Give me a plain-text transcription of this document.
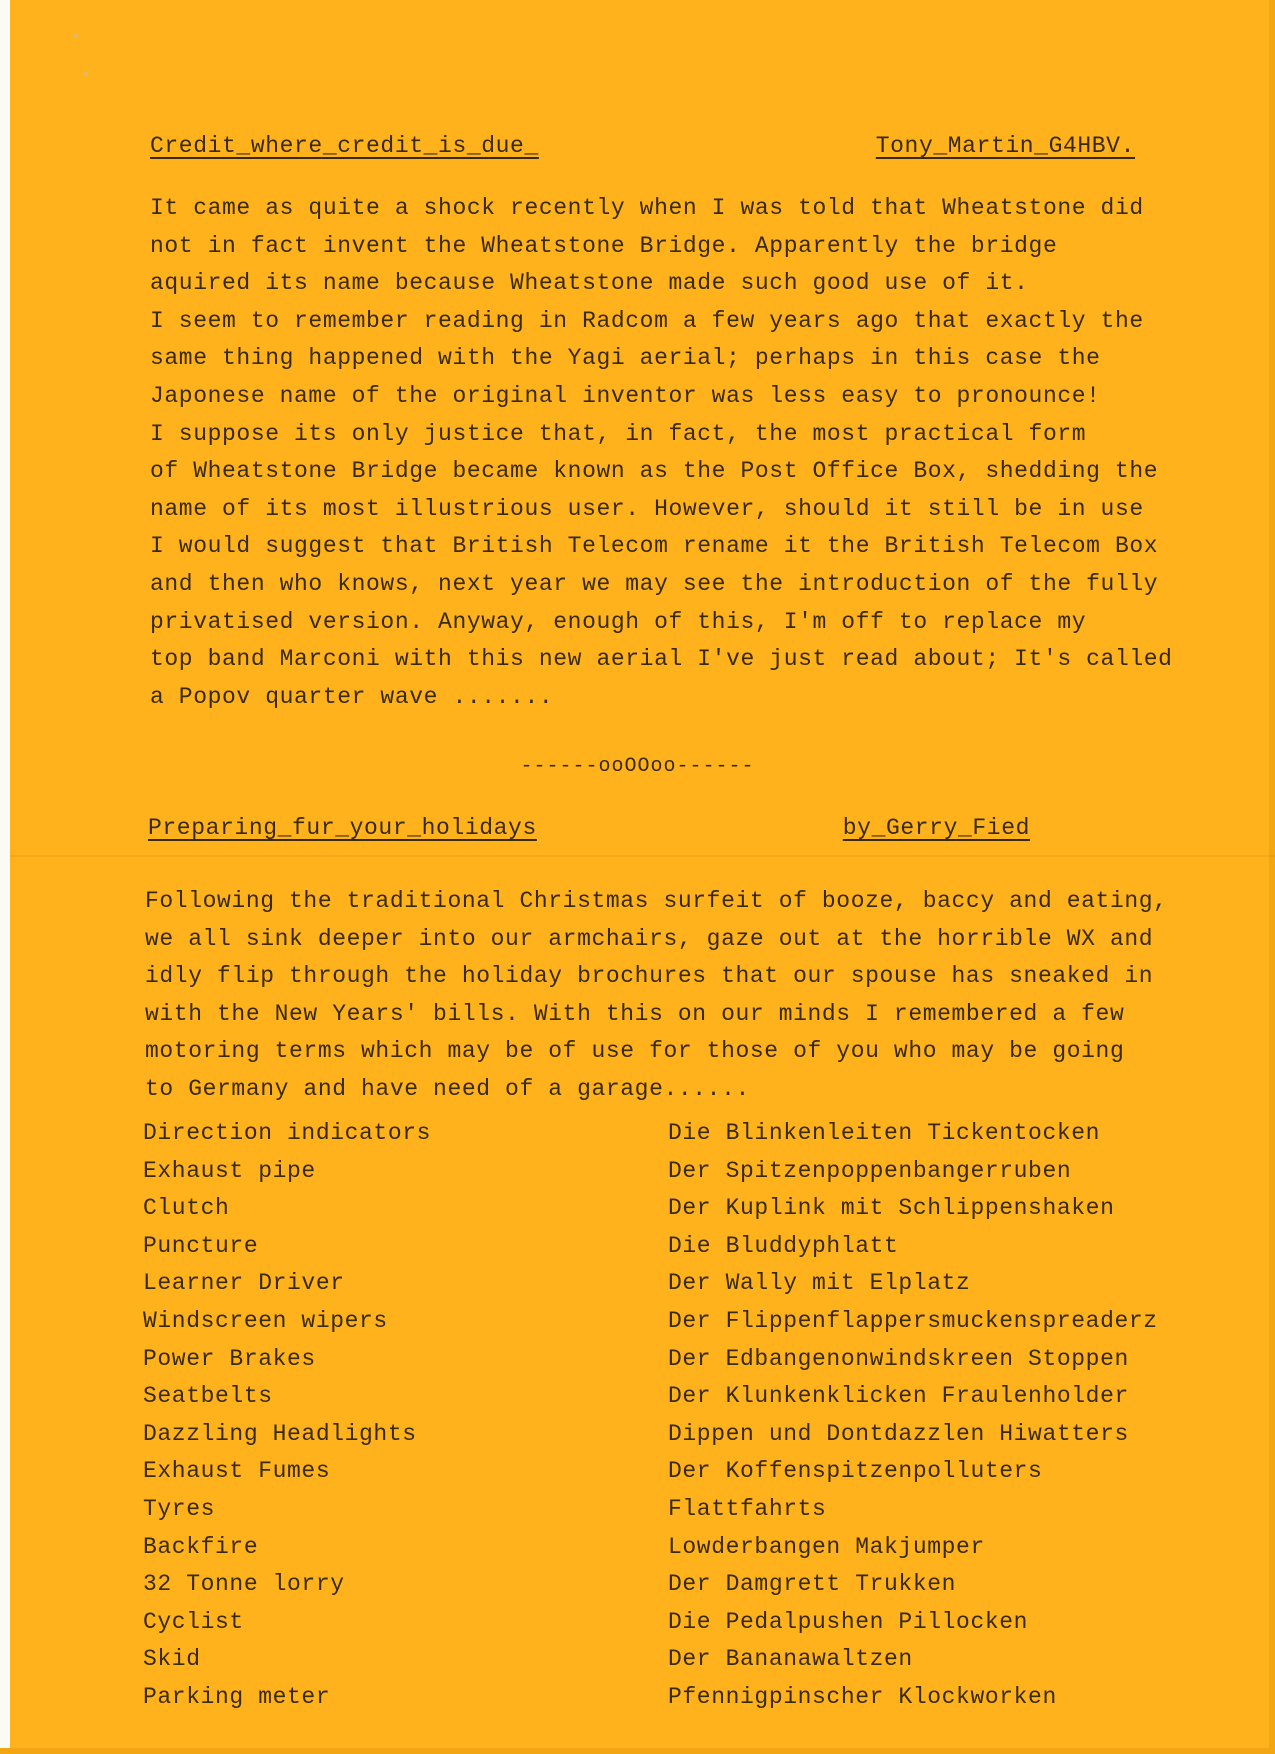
Credit_where_credit_is_due_	Tony_Martin_G4HBV.
It came as quite a shock recently when I was told that Wheatstone did
not in fact invent the Wheatstone Bridge. Apparently the bridge
aquired its name because Wheatstone made such good use of it.
I seem to remember reading in Radcom a few years ago that exactly the
same thing happened with the Yagi aerial; perhaps in this case the
Japonese name of the original inventor was less easy to pronounce!
I suppose its only justice that, in fact, the most practical form
of Wheatstone Bridge became known as the Post Office Box, shedding the
name of its most illustrious user. However, should it still be in use
I would suggest that British Telecom rename it the British Telecom Box
and then who knows, next year we may see the introduction of the fully
privatised version. Anyway, enough of this, I'm off to replace my
top band Marconi with this new aerial I've just read about; It's called
a Popov quarter wave .......
------ooOOoo------
Preparing_fur_your_holidays	by_Gerry_Fied
Following the traditional Christmas surfeit of booze, baccy and eating,
we all sink deeper into our armchairs, gaze out at the horrible WX and
idly flip through the holiday brochures that our spouse has sneaked in
with the New Years' bills. With this on our minds I remembered a few
motoring terms which may be of use for those of you who may be going
to Germany and have need of a garage......
Direction indicators	Die Blinkenleiten Tickentocken
Exhaust pipe	Der Spitzenpoppenbangerruben
Clutch	Der Kuplink mit Schlippenshaken
Puncture	Die Bluddyphlatt
Learner Driver	Der Wally mit Elplatz
Windscreen wipers	Der Flippenflappersmuckenspreaderz
Power Brakes	Der Edbangenonwindskreen Stoppen
Seatbelts	Der Klunkenklicken Fraulenholder
Dazzling Headlights	Dippen und Dontdazzlen Hiwatters
Exhaust Fumes	Der Koffenspitzenpolluters
Tyres	Flattfahrts
Backfire	Lowderbangen Makjumper
32 Tonne lorry	Der Damgrett Trukken
Cyclist	Die Pedalpushen Pillocken
Skid	Der Bananawaltzen
Parking meter	Pfennigpinscher Klockworken
